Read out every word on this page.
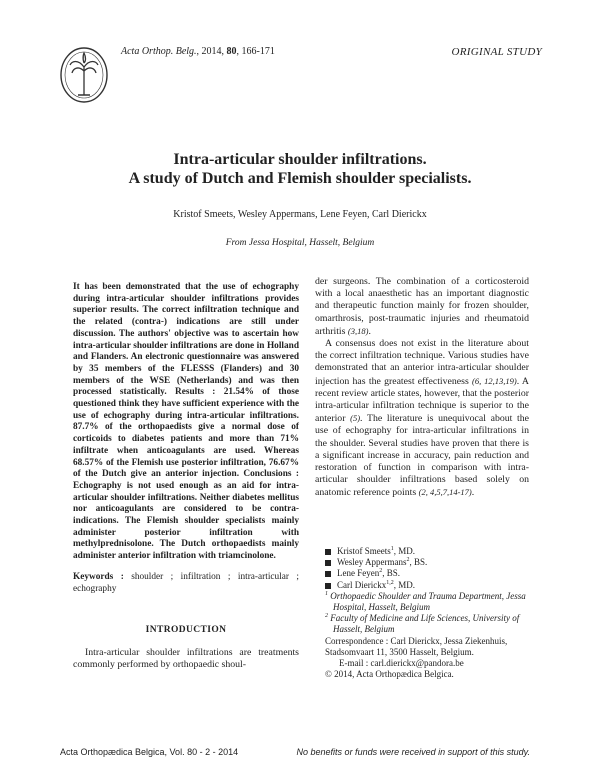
Acta Orthop. Belg., 2014, 80, 166-171	ORIGINAL STUDY
Intra-articular shoulder infiltrations.
A study of Dutch and Flemish shoulder specialists.
Kristof Smeets, Wesley Appermans, Lene Feyen, Carl Dierickx
From Jessa Hospital, Hasselt, Belgium
It has been demonstrated that the use of echography during intra-articular shoulder infiltrations provides superior results. The correct infiltration technique and the related (contra-) indications are still under discussion. The authors' objective was to ascertain how intra-articular shoulder infiltrations are done in Holland and Flanders. An electronic questionnaire was answered by 35 members of the FLESSS (Flanders) and 30 members of the WSE (Netherlands) and was then processed statistically. Results : 21.54% of those questioned think they have sufficient experience with the use of echography during intra-articular infiltrations. 87.7% of the orthopaedists give a normal dose of corticoids to diabetes patients and more than 71% infiltrate when anticoagulants are used. Whereas 68.57% of the Flemish use posterior infiltration, 76.67% of the Dutch give an anterior injection. Conclusions : Echography is not used enough as an aid for intra-articular shoulder infiltrations. Neither diabetes mellitus nor anticoagulants are considered to be contra-indications. The Flemish shoulder specialists mainly administer posterior infiltration with methylprednisolone. The Dutch orthopaedists mainly administer anterior infiltration with triamcinolone.
Keywords : shoulder ; infiltration ; intra-articular ; echography
INTRODUCTION
Intra-articular shoulder infiltrations are treatments commonly performed by orthopaedic shoul-

der surgeons. The combination of a corticosteroid with a local anaesthetic has an important diagnostic and therapeutic function mainly for frozen shoulder, omarthrosis, post-traumatic injuries and rheumatoid arthritis (3,18).

A consensus does not exist in the literature about the correct infiltration technique. Various studies have demonstrated that an anterior intra-articular shoulder injection has the greatest effectiveness (6, 12,13,19). A recent review article states, however, that the posterior intra-articular infiltration technique is superior to the anterior (5). The literature is unequivocal about the use of echography for intra-articular infiltrations in the shoulder. Several studies have proven that there is a significant increase in accuracy, pain reduction and restoration of function in comparison with intra-articular shoulder infiltrations based solely on anatomic reference points (2, 4,5,7,14-17).

Kristof Smeets$^1$, MD.
Wesley Appermans$^2$, BS.
Lene Feyen$^2$, BS.
Carl Dierickx$^{1,2}$, MD.
$^1$ Orthopaedic Shoulder and Trauma Department, Jessa Hospital, Hasselt, Belgium
$^2$ Faculty of Medicine and Life Sciences, University of Hasselt, Belgium
Correspondence : Carl Dierickx, Jessa Ziekenhuis, Stadsomvaart 11, 3500 Hasselt, Belgium.
E-mail : carl.dierickx@pandora.be
© 2014, Acta Orthopædica Belgica.
Acta Orthopædica Belgica, Vol. 80 - 2 - 2014	No benefits or funds were received in support of this study.
